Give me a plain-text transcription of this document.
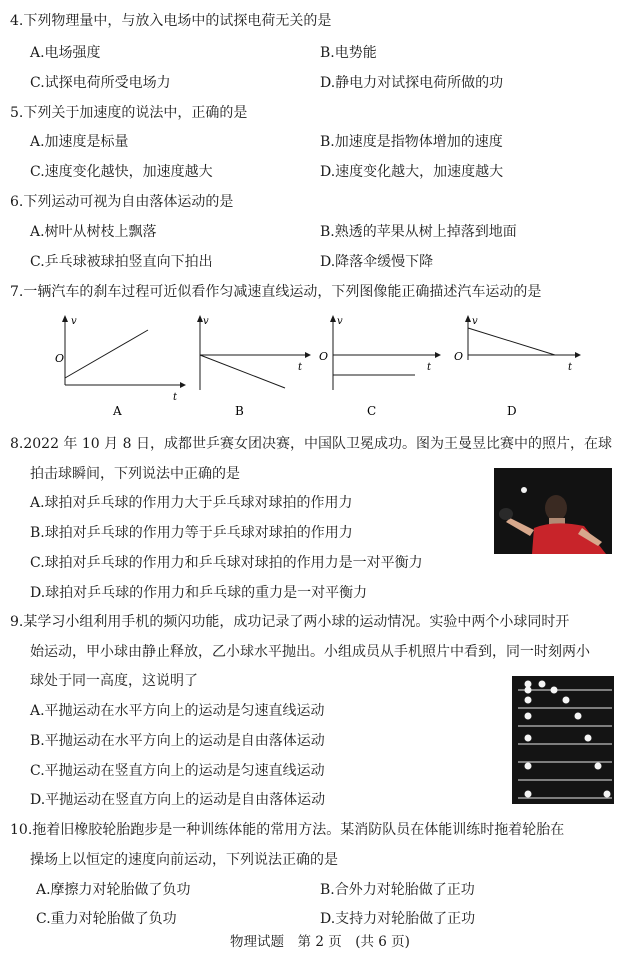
4.下列物理量中，与放入电场中的试探电荷无关的是
A.电场强度	B.电势能
C.试探电荷所受电场力	D.静电力对试探电荷所做的功
5.下列关于加速度的说法中，正确的是
A.加速度是标量	B.加速度是指物体增加的速度
C.速度变化越快，加速度越大	D.速度变化越大，加速度越大
6.下列运动可视为自由落体运动的是
A.树叶从树枝上飘落	B.熟透的苹果从树上掉落到地面
C.乒乓球被球拍竖直向下拍出	D.降落伞缓慢下降
7.一辆汽车的刹车过程可近似看作匀减速直线运动，下列图像能正确描述汽车运动的是
v
t
O
A
v
t
B
v
t
O
C
v
t
O
D
8.2022 年 10 月 8 日，成都世乒赛女团决赛，中国队卫冕成功。图为王曼昱比赛中的照片，在球
拍击球瞬间，下列说法中正确的是
A.球拍对乒乓球的作用力大于乒乓球对球拍的作用力
B.球拍对乒乓球的作用力等于乒乓球对球拍的作用力
C.球拍对乒乓球的作用力和乒乓球对球拍的作用力是一对平衡力
D.球拍对乒乓球的作用力和乒乓球的重力是一对平衡力
9.某学习小组利用手机的频闪功能，成功记录了两小球的运动情况。实验中两个小球同时开
始运动，甲小球由静止释放，乙小球水平抛出。小组成员从手机照片中看到，同一时刻两小
球处于同一高度，这说明了
A.平抛运动在水平方向上的运动是匀速直线运动
B.平抛运动在水平方向上的运动是自由落体运动
C.平抛运动在竖直方向上的运动是匀速直线运动
D.平抛运动在竖直方向上的运动是自由落体运动
10.拖着旧橡胶轮胎跑步是一种训练体能的常用方法。某消防队员在体能训练时拖着轮胎在
操场上以恒定的速度向前运动，下列说法正确的是
A.摩擦力对轮胎做了负功	B.合外力对轮胎做了正功
C.重力对轮胎做了负功	D.支持力对轮胎做了正功
物理试题　第 2 页　(共 6 页)
